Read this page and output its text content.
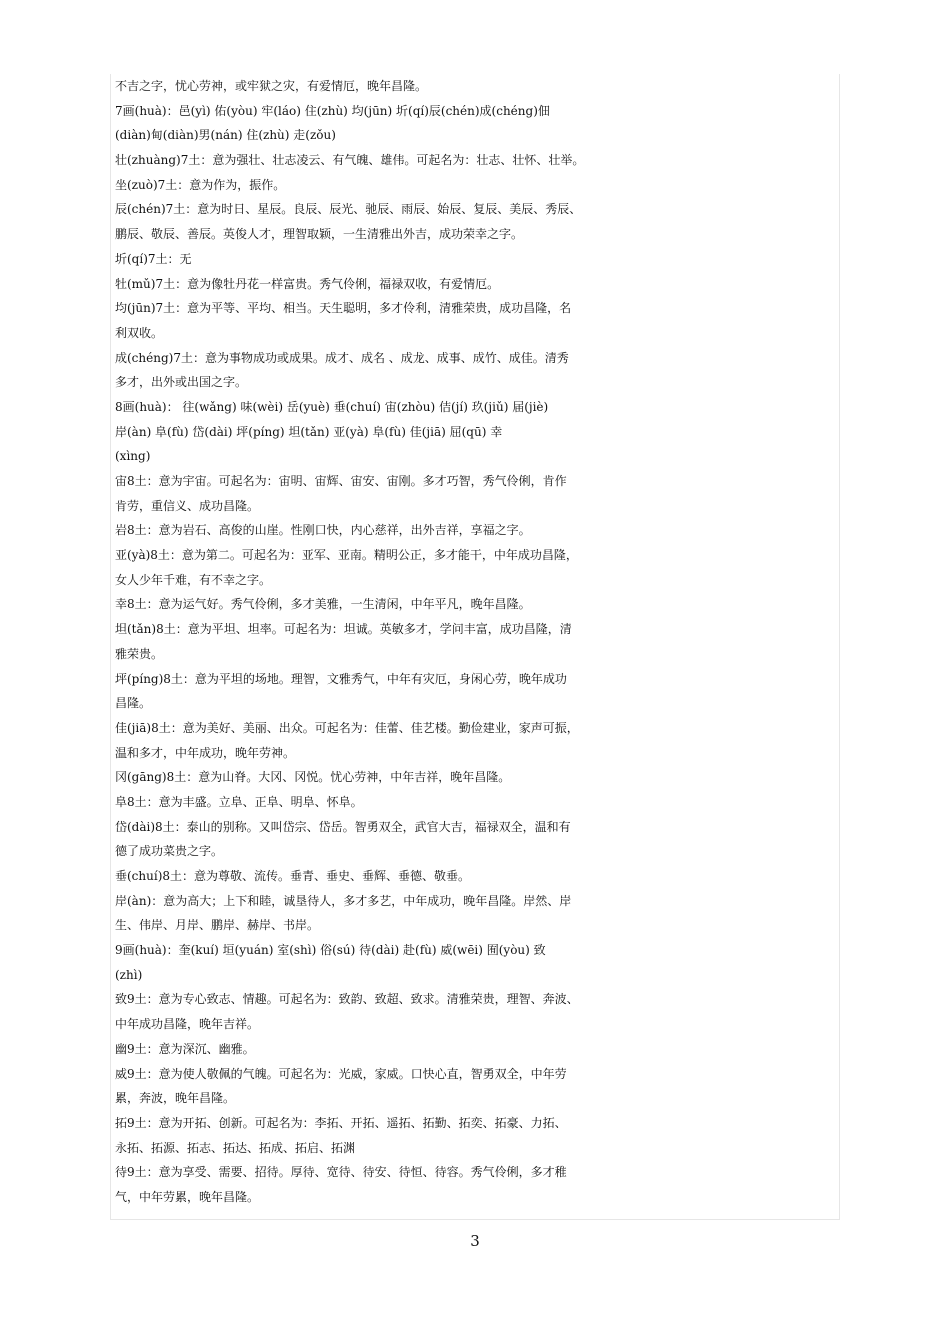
不吉之字，忧心劳神，或牢狱之灾，有爱情厄，晚年昌隆。
7画(huà)：邑(yì) 佑(yòu) 牢(láo) 住(zhù) 均(jūn) 圻(qí)辰(chén)成(chéng)佃
(diàn)甸(diàn)男(nán) 住(zhù) 走(zǒu)
壮(zhuàng)7土：意为强壮、壮志凌云、有气魄、雄伟。可起名为：壮志、壮怀、壮举。
坐(zuò)7土：意为作为，振作。
辰(chén)7土：意为时日、星辰。良辰、辰光、驰辰、雨辰、始辰、复辰、美辰、秀辰、
鹏辰、敬辰、善辰。英俊人才，理智取颖，一生清雅出外吉，成功荣幸之字。
圻(qí)7土：无
牡(mǔ)7土：意为像牡丹花一样富贵。秀气伶俐，福禄双收，有爱情厄。
均(jūn)7土：意为平等、平均、相当。天生聪明，多才伶利，清雅荣贵，成功昌隆，名
利双收。
成(chéng)7土：意为事物成功或成果。成才、成名 、成龙、成事、成竹、成佳。清秀
多才，出外或出国之字。
8画(huà)： 往(wǎng) 味(wèi) 岳(yuè) 垂(chuí) 宙(zhòu) 佶(jí) 玖(jiǔ) 届(jiè)
岸(àn) 阜(fù) 岱(dài) 坪(píng) 坦(tǎn) 亚(yà) 阜(fù) 佳(jiā) 屈(qū) 幸
(xìng)
宙8土：意为宇宙。可起名为：宙明、宙辉、宙安、宙刚。多才巧智，秀气伶俐，肯作
肯劳，重信义、成功昌隆。
岩8土：意为岩石、高俊的山崖。性刚口快，内心慈祥，出外吉祥，享福之字。
亚(yà)8土：意为第二。可起名为：亚军、亚南。精明公正，多才能干，中年成功昌隆，
女人少年千难，有不幸之字。
幸8土：意为运气好。秀气伶俐，多才美雅，一生清闲，中年平凡，晚年昌隆。
坦(tǎn)8土：意为平坦、坦率。可起名为：坦诚。英敏多才，学问丰富，成功昌隆，清
雅荣贵。
坪(píng)8土：意为平坦的场地。理智，文雅秀气，中年有灾厄，身闲心劳，晚年成功
昌隆。
佳(jiā)8土：意为美好、美丽、出众。可起名为：佳蕾、佳艺楼。勤俭建业，家声可振，
温和多才，中年成功，晚年劳神。
冈(gāng)8土：意为山脊。大冈、冈悦。忧心劳神，中年吉祥，晚年昌隆。
阜8土：意为丰盛。立阜、正阜、明阜、怀阜。
岱(dài)8土：泰山的别称。又叫岱宗、岱岳。智勇双全，武官大吉，福禄双全，温和有
德了成功菜贵之字。
垂(chuí)8土：意为尊敬、流传。垂青、垂史、垂辉、垂德、敬垂。
岸(àn)：意为高大；上下和睦，诚垦待人，多才多艺，中年成功，晚年昌隆。岸然、岸
生、伟岸、月岸、鹏岸、赫岸、书岸。
9画(huà)：奎(kuí) 垣(yuán) 室(shì) 俗(sú) 待(dài) 赴(fù) 威(wēi) 囿(yòu) 致
(zhì)
致9土：意为专心致志、情趣。可起名为：致韵、致超、致求。清雅荣贵，理智、奔波、
中年成功昌隆，晚年吉祥。
幽9土：意为深沉、幽雅。
威9土：意为使人敬佩的气魄。可起名为：光威，家威。口快心直，智勇双全，中年劳
累，奔波，晚年昌隆。
拓9土：意为开拓、创新。可起名为：李拓、开拓、遥拓、拓勤、拓奕、拓豪、力拓、
永拓、拓源、拓志、拓达、拓成、拓启、拓渊
待9土：意为享受、需要、招待。厚待、宽待、待安、待恒、待容。秀气伶俐，多才稚
气，中年劳累，晚年昌隆。
3
